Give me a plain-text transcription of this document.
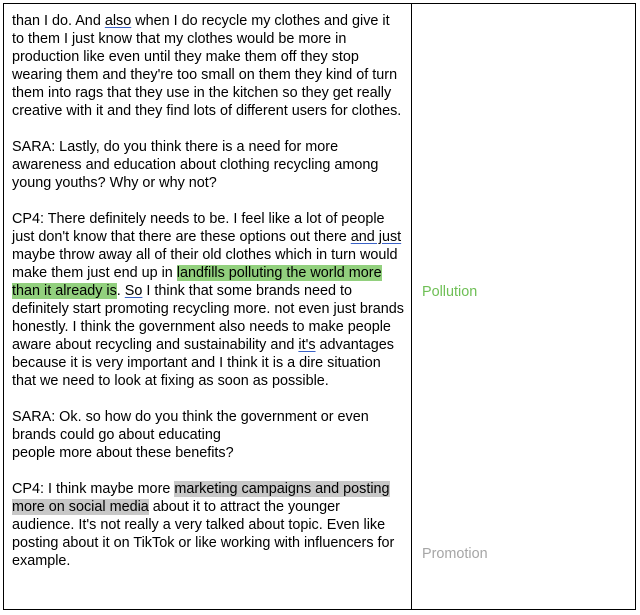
than I do. And also when I do recycle my clothes and give it to them I just know that my clothes would be more in production like even until they make them off they stop wearing them and they're too small on them they kind of turn them into rags that they use in the kitchen so they get really creative with it and they find lots of different users for clothes.

SARA: Lastly, do you think there is a need for more awareness and education about clothing recycling among young youths? Why or why not?

CP4: There definitely needs to be. I feel like a lot of people just don't know that there are these options out there and just maybe throw away all of their old clothes which in turn would make them just end up in landfills polluting the world more than it already is. So I think that some brands need to definitely start promoting recycling more. not even just brands honestly. I think the government also needs to make people aware about recycling and sustainability and it's advantages because it is very important and I think it is a dire situation that we need to look at fixing as soon as possible.

SARA: Ok. so how do you think the government or even brands could go about educating
people more about these benefits?

CP4: I think maybe more marketing campaigns and posting more on social media about it to attract the younger audience. It's not really a very talked about topic. Even like posting about it on TikTok or like working with influencers for example.

Pollution
Promotion
